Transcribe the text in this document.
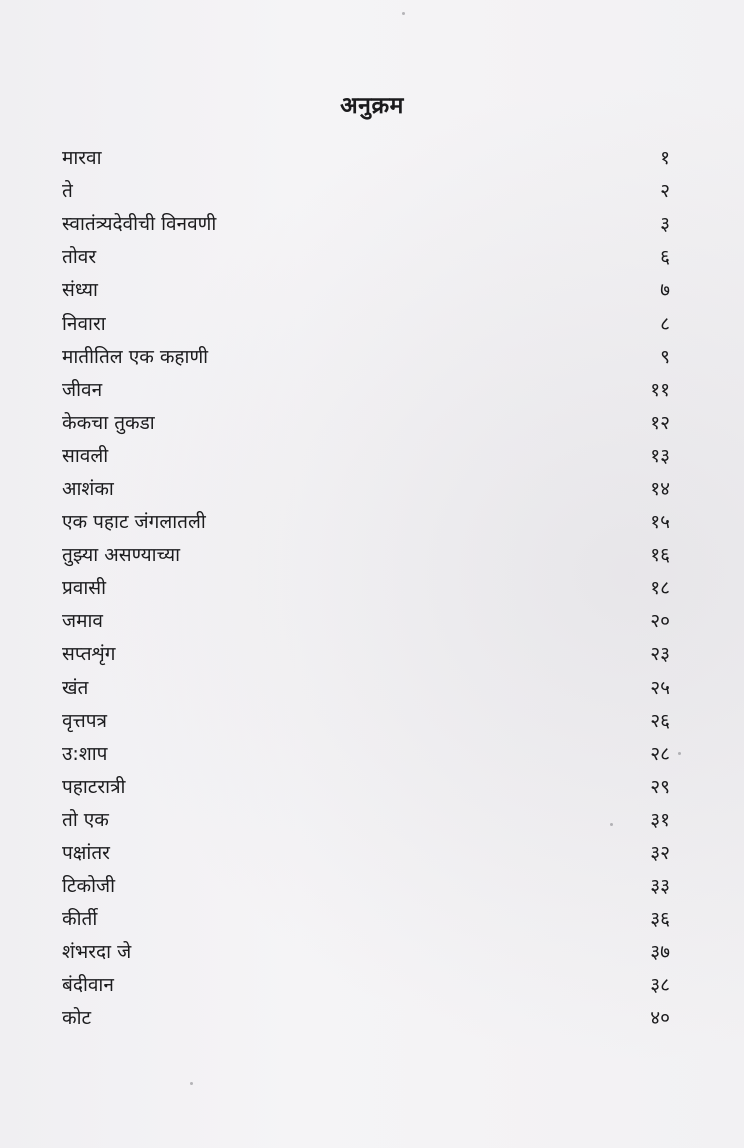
अनुक्रम
मारवा	१
ते	२
स्वातंत्र्यदेवीची विनवणी	३
तोवर	६
संध्या	७
निवारा	८
मातीतिल एक कहाणी	९
जीवन	११
केकचा तुकडा	१२
सावली	१३
आशंका	१४
एक पहाट जंगलातली	१५
तुझ्या असण्याच्या	१६
प्रवासी	१८
जमाव	२०
सप्तशृंग	२३
खंत	२५
वृत्तपत्र	२६
उ:शाप	२८
पहाटरात्री	२९
तो एक	३१
पक्षांतर	३२
टिकोजी	३३
कीर्ती	३६
शंभरदा जे	३७
बंदीवान	३८
कोट	४०
